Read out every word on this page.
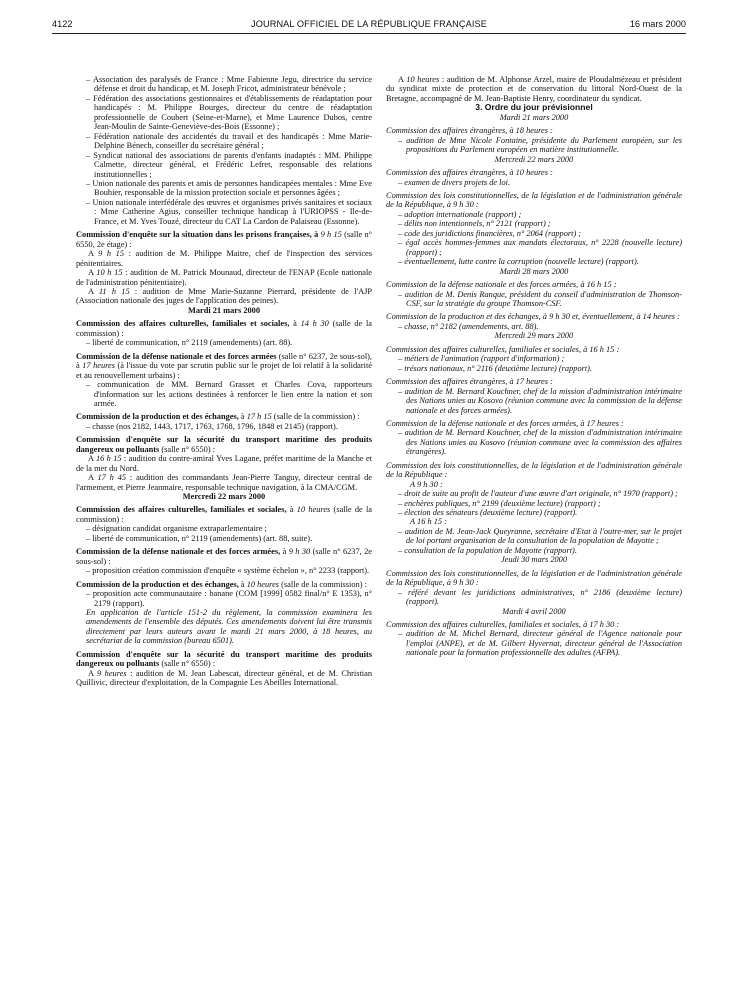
4122	JOURNAL OFFICIEL DE LA RÉPUBLIQUE FRANÇAISE	16 mars 2000

– Association des paralysés de France : Mme Fabienne Jegu, directrice du service défense et droit du handicap, et M. Joseph Fricot, administrateur bénévole ;

– Fédération des associations gestionnaires et d'établissements de réadaptation pour handicapés : M. Philippe Bourges, directeur du centre de réadaptation professionnelle de Coubert (Seine-et-Marne), et Mme Laurence Dubos, centre Jean-Moulin de Sainte-Geneviève-des-Bois (Essonne) ;

– Fédération nationale des accidentés du travail et des handicapés : Mme Marie-Delphine Bénech, conseiller du secrétaire général ;

– Syndicat national des associations de parents d'enfants inadaptés : MM. Philippe Calmette, directeur général, et Frédéric Lefret, responsable des relations institutionnelles ;

– Union nationale des parents et amis de personnes handicapées mentales : Mme Eve Bouhier, responsable de la mission protection sociale et personnes âgées ;

– Union nationale interfédérale des œuvres et organismes privés sanitaires et sociaux : Mme Catherine Agius, conseiller technique handicap à l'URIOPSS - Ile-de-France, et M. Yves Touzé, directeur du CAT La Cardon de Palaiseau (Essonne).

Commission d'enquête sur la situation dans les prisons françaises, à 9 h 15 (salle n° 6550, 2e étage) :

A 9 h 15 : audition de M. Philippe Maitre, chef de l'inspection des services pénitentiaires.

A 10 h 15 : audition de M. Patrick Mounaud, directeur de l'ENAP (Ecole nationale de l'administration pénitentiaire).

A 11 h 15 : audition de Mme Marie-Suzanne Pierrard, présidente de l'AJP (Association nationale des juges de l'application des peines).

Mardi 21 mars 2000

Commission des affaires culturelles, familiales et sociales, à 14 h 30 (salle de la commission) :

– liberté de communication, n° 2119 (amendements) (art. 88).

Commission de la défense nationale et des forces armées (salle n° 6237, 2e sous-sol), à 17 heures (à l'issue du vote par scrutin public sur le projet de loi relatif à la solidarité et au renouvellement urbains) :

– communication de MM. Bernard Grasset et Charles Cova, rapporteurs d'information sur les actions destinées à renforcer le lien entre la nation et son armée.

Commission de la production et des échanges, à 17 h 15 (salle de la commission) :

– chasse (nos 2182, 1443, 1717, 1763, 1768, 1796, 1848 et 2145) (rapport).

Commission d'enquête sur la sécurité du transport maritime des produits dangereux ou polluants (salle n° 6550) :

A 16 h 15 : audition du contre-amiral Yves Lagane, préfet maritime de la Manche et de la mer du Nord.

A 17 h 45 : audition des commandants Jean-Pierre Tanguy, directeur central de l'armement, et Pierre Jeanmaire, responsable technique navigation, à la CMA/CGM.

Mercredi 22 mars 2000

Commission des affaires culturelles, familiales et sociales, à 10 heures (salle de la commission) :

– désignation candidat organisme extraparlementaire ;

– liberté de communication, n° 2119 (amendements) (art. 88, suite).

Commission de la défense nationale et des forces armées, à 9 h 30 (salle n° 6237, 2e sous-sol) :

– proposition création commission d'enquête « système échelon », n° 2233 (rapport).

Commission de la production et des échanges, à 10 heures (salle de la commission) :

– proposition acte communautaire : banane (COM [1999] 0582 final/n° E 1353), n° 2179 (rapport).

En application de l'article 151-2 du règlement, la commission examinera les amendements de l'ensemble des députés. Ces amendements doivent lui être transmis directement par leurs auteurs avant le mardi 21 mars 2000, à 18 heures, au secrétariat de la commission (bureau 6501).

Commission d'enquête sur la sécurité du transport maritime des produits dangereux ou polluants (salle n° 6550) :

A 9 heures : audition de M. Jean Labescat, directeur général, et de M. Christian Quillivic, directeur d'exploitation, de la Compagnie Les Abeilles International.

A 10 heures : audition de M. Alphonse Arzel, maire de Ploudalmézeau et président du syndicat mixte de protection et de conservation du littoral Nord-Ouest de la Bretagne, accompagné de M. Jean-Baptiste Henry, coordinateur du syndicat.

3. Ordre du jour prévisionnel

Mardi 21 mars 2000

Commission des affaires étrangères, à 18 heures :

– audition de Mme Nicole Fontaine, présidente du Parlement européen, sur les propositions du Parlement européen en matière institutionnelle.

Mercredi 22 mars 2000

Commission des affaires étrangères, à 10 heures :

– examen de divers projets de loi.

Commission des lois constitutionnelles, de la législation et de l'administration générale de la République, à 9 h 30 :

– adoption internationale (rapport) ;

– délits non intentionnels, n° 2121 (rapport) ;

– code des juridictions financières, n° 2064 (rapport) ;

– égal accès hommes-femmes aux mandats électoraux, n° 2228 (nouvelle lecture) (rapport) ;

– éventuellement, lutte contre la corruption (nouvelle lecture) (rapport).

Mardi 28 mars 2000

Commission de la défense nationale et des forces armées, à 16 h 15 :

– audition de M. Denis Ranque, président du conseil d'administration de Thomson-CSF, sur la stratégie du groupe Thomson-CSF.

Commission de la production et des échanges, à 9 h 30 et, éventuellement, à 14 heures :

– chasse, n° 2182 (amendements, art. 88).

Mercredi 29 mars 2000

Commission des affaires culturelles, familiales et sociales, à 16 h 15 :

– métiers de l'animation (rapport d'information) ;

– trésors nationaux, n° 2116 (deuxième lecture) (rapport).

Commission des affaires étrangères, à 17 heures :

– audition de M. Bernard Kouchner, chef de la mission d'administration intérimaire des Nations unies au Kosovo (réunion commune avec la commission de la défense nationale et des forces armées).

Commission de la défense nationale et des forces armées, à 17 heures :

– audition de M. Bernard Kouchner, chef de la mission d'administration intérimaire des Nations unies au Kosovo (réunion commune avec la commission des affaires étrangères).

Commission des lois constitutionnelles, de la législation et de l'administration générale de la République :

A 9 h 30 :

– droit de suite au profit de l'auteur d'une œuvre d'art originale, n° 1970 (rapport) ;

– enchères publiques, n° 2199 (deuxième lecture) (rapport) ;

– élection des sénateurs (deuxième lecture) (rapport).

A 16 h 15 :

– audition de M. Jean-Jack Queyranne, secrétaire d'Etat à l'outre-mer, sur le projet de loi portant organisation de la consultation de la population de Mayotte ;

– consultation de la population de Mayotte (rapport).

Jeudi 30 mars 2000

Commission des lois constitutionnelles, de la législation et de l'administration générale de la République, à 9 h 30 :

– référé devant les juridictions administratives, n° 2186 (deuxième lecture) (rapport).

Mardi 4 avril 2000

Commission des affaires culturelles, familiales et sociales, à 17 h 30 :

– audition de M. Michel Bernard, directeur général de l'Agence nationale pour l'emploi (ANPE), et de M. Gilbert Hyvernat, directeur général de l'Association nationale pour la formation professionnelle des adultes (AFPA).
